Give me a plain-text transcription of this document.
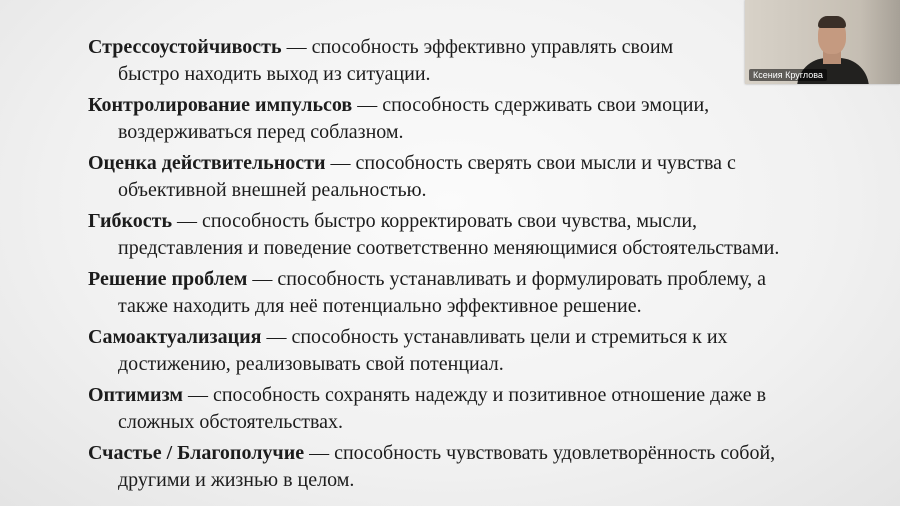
Стрессоустойчивость — способность эффективно управлять своим
быстро находить выход из ситуации.
Контролирование импульсов — способность сдерживать свои эмоции,
воздерживаться перед соблазном.
Оценка действительности — способность сверять свои мысли и чувства с
объективной внешней реальностью.
Гибкость — способность быстро корректировать свои чувства, мысли,
представления и поведение соответственно меняющимися обстоятельствами.
Решение проблем — способность устанавливать и формулировать проблему, а
также находить для неё потенциально эффективное решение.
Самоактуализация — способность устанавливать цели и стремиться к их
достижению, реализовывать свой потенциал.
Оптимизм — способность сохранять надежду и позитивное отношение даже в
сложных обстоятельствах.
Счастье / Благополучие — способность чувствовать удовлетворённость собой,
другими и жизнью в целом.
Ксения Круглова
